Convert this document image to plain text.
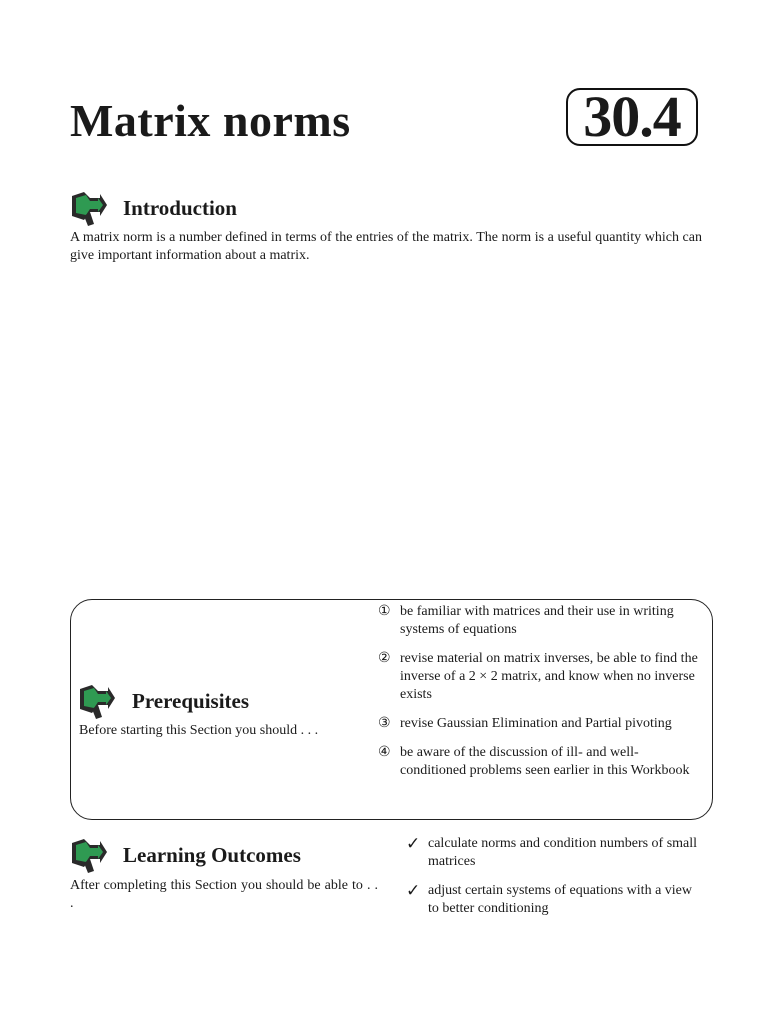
Matrix norms	30.4
Introduction
A matrix norm is a number defined in terms of the entries of the matrix. The norm is a useful quantity which can give important information about a matrix.
Prerequisites
Before starting this Section you should . . .
① be familiar with matrices and their use in writing systems of equations
② revise material on matrix inverses, be able to find the inverse of a 2 × 2 matrix, and know when no inverse exists
③ revise Gaussian Elimination and Partial pivoting
④ be aware of the discussion of ill- and well-conditioned problems seen earlier in this Workbook
Learning Outcomes
After completing this Section you should be able to . . .
✓ calculate norms and condition numbers of small matrices
✓ adjust certain systems of equations with a view to better conditioning
